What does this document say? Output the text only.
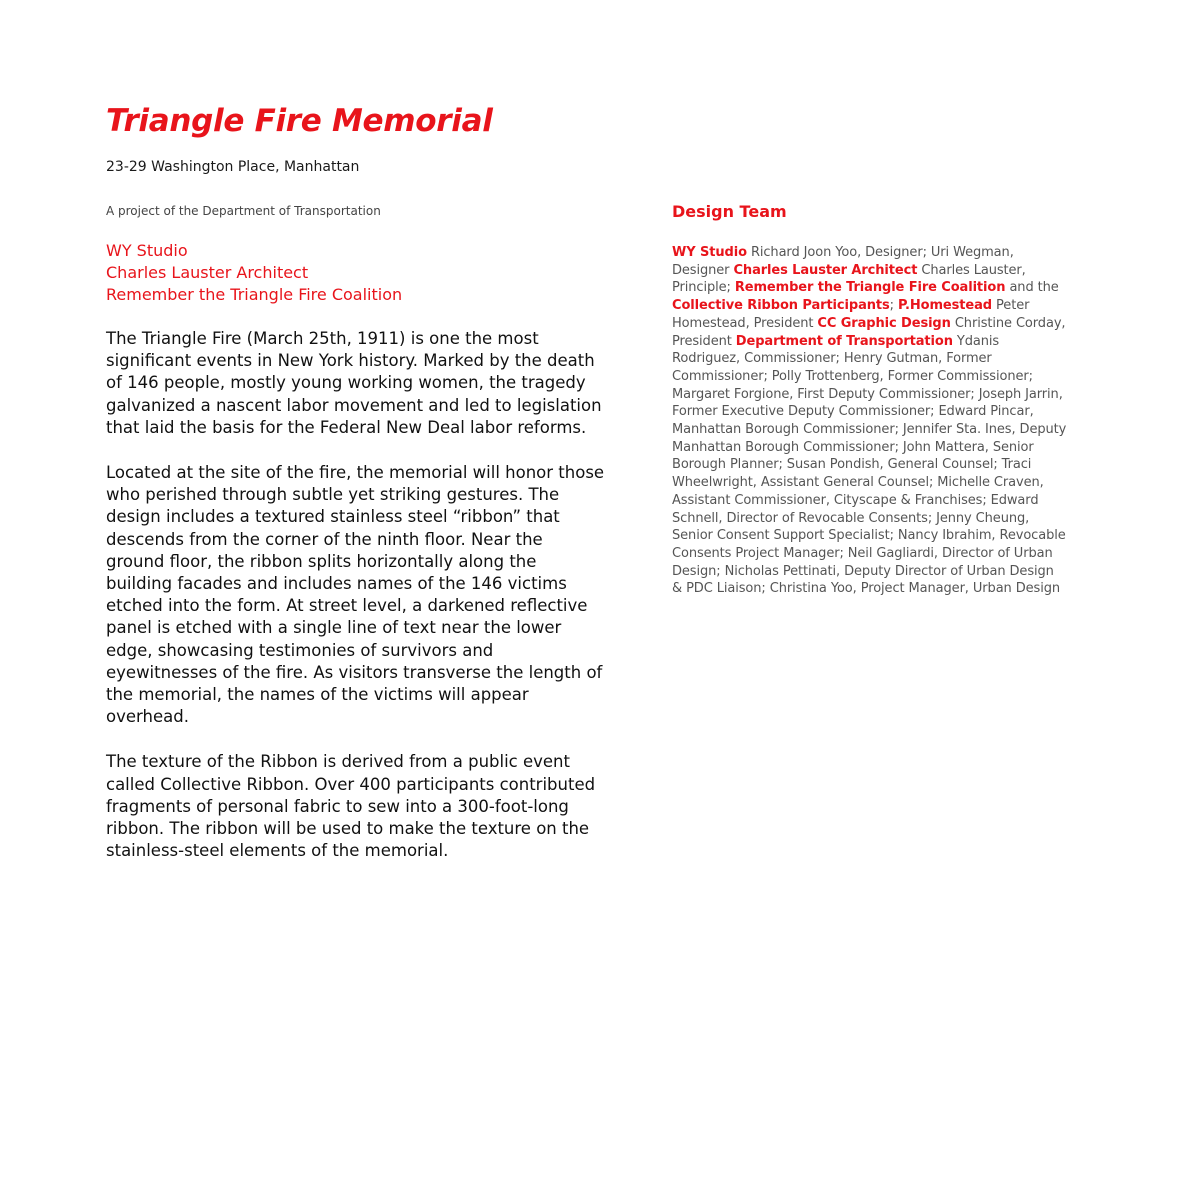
Triangle Fire Memorial
23-29 Washington Place, Manhattan
A project of the Department of Transportation
WY Studio
Charles Lauster Architect
Remember the Triangle Fire Coalition

The Triangle Fire (March 25th, 1911) is one the most significant events in New York history. Marked by the death of 146 people, mostly young working women, the tragedy galvanized a nascent labor movement and led to legislation that laid the basis for the Federal New Deal labor reforms.

Located at the site of the fire, the memorial will honor those who perished through subtle yet striking gestures. The design includes a textured stainless steel “ribbon” that descends from the corner of the ninth floor. Near the ground floor, the ribbon splits horizontally along the building facades and includes names of the 146 victims etched into the form. At street level, a darkened reflective panel is etched with a single line of text near the lower edge, showcasing testimonies of survivors and eyewitnesses of the fire. As visitors transverse the length of the memorial, the names of the victims will appear overhead.

The texture of the Ribbon is derived from a public event called Collective Ribbon. Over 400 participants contributed fragments of personal fabric to sew into a 300-foot-long ribbon. The ribbon will be used to make the texture on the stainless-steel elements of the memorial.

Design Team
WY Studio Richard Joon Yoo, Designer; Uri Wegman, Designer Charles Lauster Architect Charles Lauster, Principle; Remember the Triangle Fire Coalition and the Collective Ribbon Participants; P.Homestead Peter Homestead, President CC Graphic Design Christine Corday, President Department of Transportation Ydanis Rodriguez, Commissioner; Henry Gutman, Former Commissioner; Polly Trottenberg, Former Commissioner; Margaret Forgione, First Deputy Commissioner; Joseph Jarrin, Former Executive Deputy Commissioner; Edward Pincar, Manhattan Borough Commissioner; Jennifer Sta. Ines, Deputy Manhattan Borough Commissioner; John Mattera, Senior Borough Planner; Susan Pondish, General Counsel; Traci Wheelwright, Assistant General Counsel; Michelle Craven, Assistant Commissioner, Cityscape & Franchises; Edward Schnell, Director of Revocable Consents; Jenny Cheung, Senior Consent Support Specialist; Nancy Ibrahim, Revocable Consents Project Manager; Neil Gagliardi, Director of Urban Design; Nicholas Pettinati, Deputy Director of Urban Design & PDC Liaison; Christina Yoo, Project Manager, Urban Design
